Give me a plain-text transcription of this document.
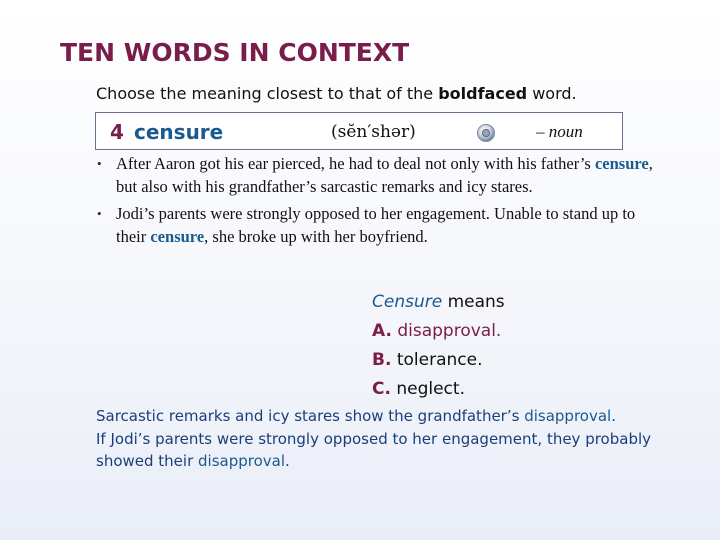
TEN WORDS IN CONTEXT
Choose the meaning closest to that of the boldfaced word.
4 censure	(sĕn′shər)	– noun
• After Aaron got his ear pierced, he had to deal not only with his father’s censure, but also with his grandfather’s sarcastic remarks and icy stares.
• Jodi’s parents were strongly opposed to her engagement. Unable to stand up to their censure, she broke up with her boyfriend.
Censure means
A. disapproval.
B. tolerance.
C. neglect.
Sarcastic remarks and icy stares show the grandfather’s disapproval.
If Jodi’s parents were strongly opposed to her engagement, they probably showed their disapproval.
